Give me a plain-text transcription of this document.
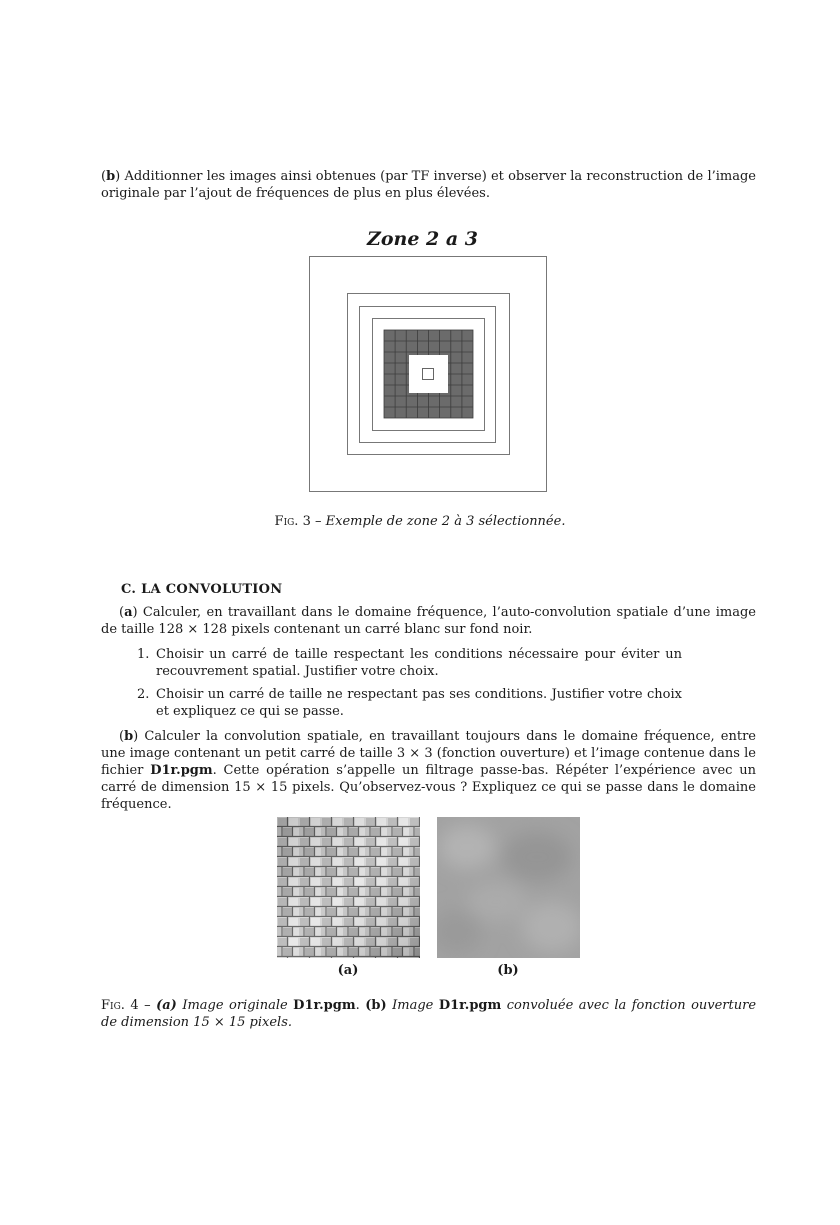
(b) Additionner les images ainsi obtenues (par TF inverse) et observer la reconstruction de l’image originale par l’ajout de fréquences de plus en plus élevées.
Zone 2 a 3
Fig. 3 – Exemple de zone 2 à 3 sélectionnée.
C. LA CONVOLUTION
(a) Calculer, en travaillant dans le domaine fréquence, l’auto-convolution spatiale d’une image de taille 128 × 128 pixels contenant un carré blanc sur fond noir.
1. Choisir un carré de taille respectant les conditions nécessaire pour éviter un recouvrement spatial. Justifier votre choix.
2. Choisir un carré de taille ne respectant pas ses conditions. Justifier votre choix et expliquez ce qui se passe.
(b) Calculer la convolution spatiale, en travaillant toujours dans le domaine fréquence, entre une image contenant un petit carré de taille 3 × 3 (fonction ouverture) et l’image contenue dans le fichier D1r.pgm. Cette opération s’appelle un filtrage passe-bas. Répéter l’expérience avec un carré de dimension 15 × 15 pixels. Qu’observez-vous ? Expliquez ce qui se passe dans le domaine fréquence.
(a)	(b)
Fig. 4 – (a) Image originale D1r.pgm. (b) Image D1r.pgm convoluée avec la fonction ouverture de dimension 15 × 15 pixels.
